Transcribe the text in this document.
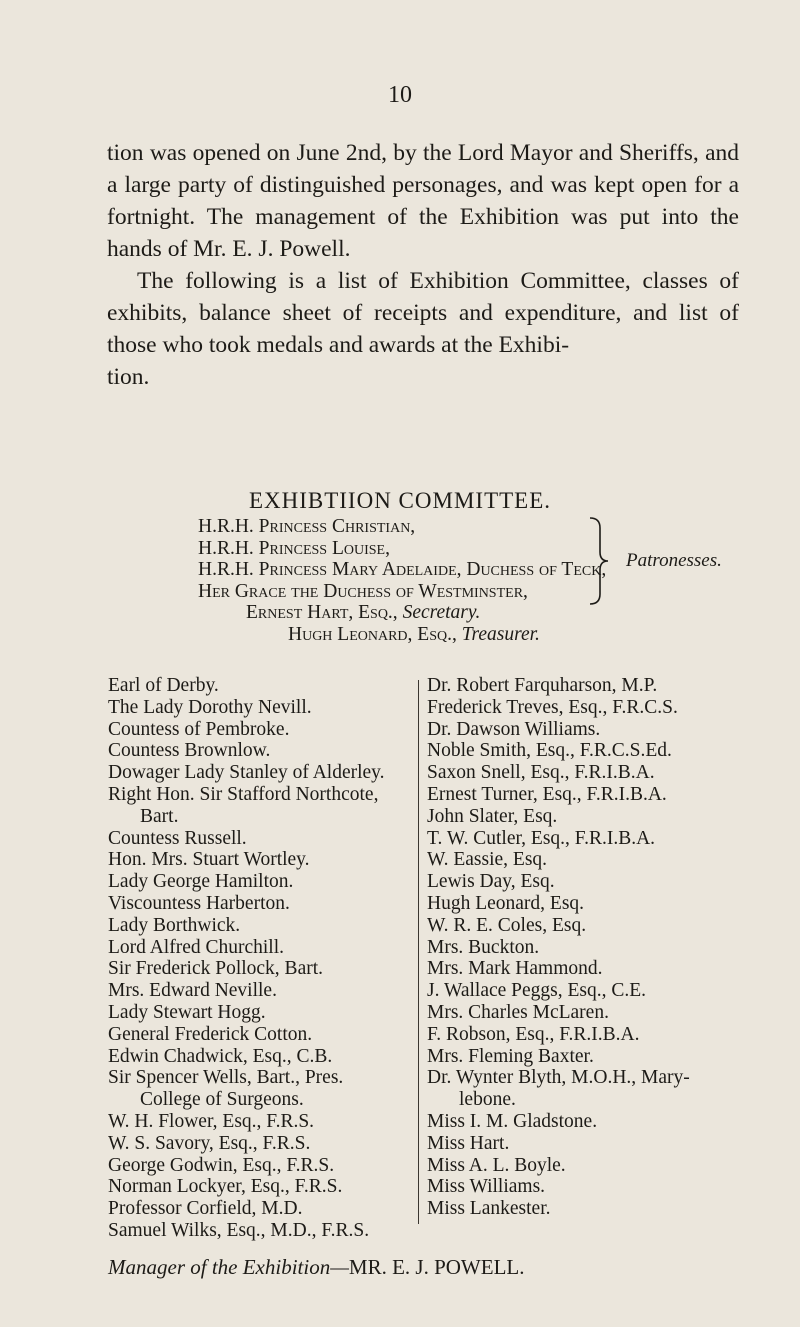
10

tion was opened on June 2nd, by the Lord Mayor and Sheriffs, and a large party of distinguished personages, and was kept open for a fortnight. The management of the Exhibition was put into the hands of Mr. E. J. Powell.

The following is a list of Exhibition Committee, classes of exhibits, balance sheet of receipts and expenditure, and list of those who took medals and awards at the Exhibi-

tion.

EXHIBTIION COMMITTEE.
H.R.H. Princess Christian,
H.R.H. Princess Louise,
H.R.H. Princess Mary Adelaide, Duchess of Teck,
Her Grace the Duchess of Westminster,
Ernest Hart, Esq., Secretary.
Hugh Leonard, Esq., Treasurer.
Patronesses.
Earl of Derby.
The Lady Dorothy Nevill.
Countess of Pembroke.
Countess Brownlow.
Dowager Lady Stanley of Alderley.
Right Hon. Sir Stafford Northcote,
Bart.
Countess Russell.
Hon. Mrs. Stuart Wortley.
Lady George Hamilton.
Viscountess Harberton.
Lady Borthwick.
Lord Alfred Churchill.
Sir Frederick Pollock, Bart.
Mrs. Edward Neville.
Lady Stewart Hogg.
General Frederick Cotton.
Edwin Chadwick, Esq., C.B.
Sir Spencer Wells, Bart., Pres.
College of Surgeons.
W. H. Flower, Esq., F.R.S.
W. S. Savory, Esq., F.R.S.
George Godwin, Esq., F.R.S.
Norman Lockyer, Esq., F.R.S.
Professor Corfield, M.D.
Samuel Wilks, Esq., M.D., F.R.S.
Dr. Robert Farquharson, M.P.
Frederick Treves, Esq., F.R.C.S.
Dr. Dawson Williams.
Noble Smith, Esq., F.R.C.S.Ed.
Saxon Snell, Esq., F.R.I.B.A.
Ernest Turner, Esq., F.R.I.B.A.
John Slater, Esq.
T. W. Cutler, Esq., F.R.I.B.A.
W. Eassie, Esq.
Lewis Day, Esq.
Hugh Leonard, Esq.
W. R. E. Coles, Esq.
Mrs. Buckton.
Mrs. Mark Hammond.
J. Wallace Peggs, Esq., C.E.
Mrs. Charles McLaren.
F. Robson, Esq., F.R.I.B.A.
Mrs. Fleming Baxter.
Dr. Wynter Blyth, M.O.H., Mary-
lebone.
Miss I. M. Gladstone.
Miss Hart.
Miss A. L. Boyle.
Miss Williams.
Miss Lankester.
Manager of the Exhibition—MR. E. J. POWELL.
